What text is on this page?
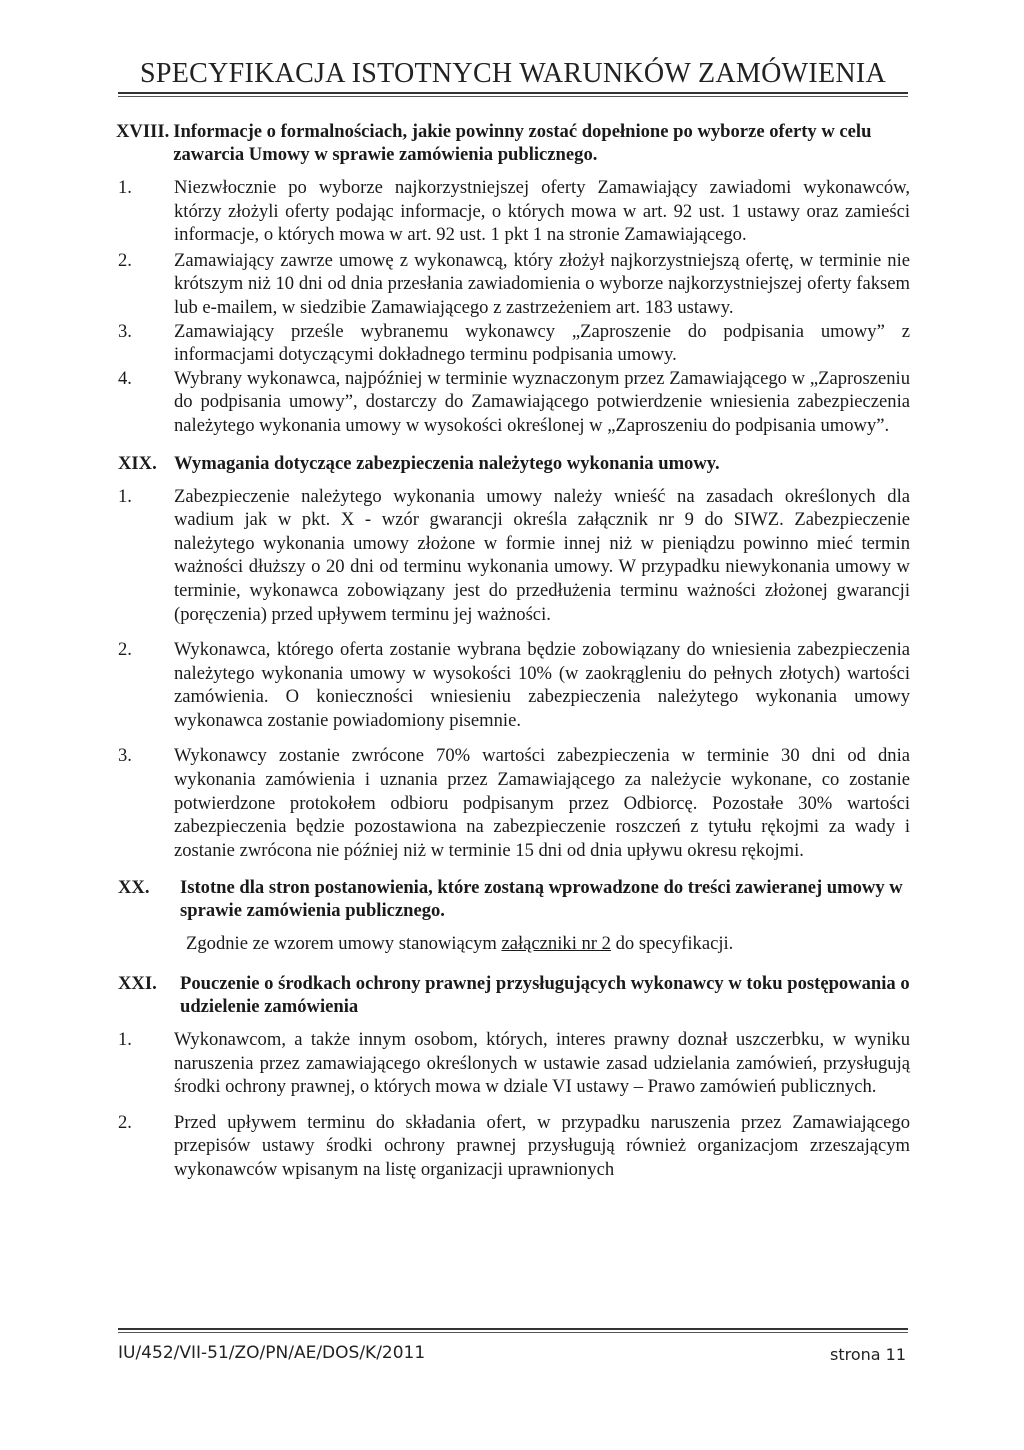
SPECYFIKACJA ISTOTNYCH WARUNKÓW ZAMÓWIENIA
XVIII. Informacje o formalnościach, jakie powinny zostać dopełnione po wyborze oferty w celu zawarcia Umowy w sprawie zamówienia publicznego.
1.	Niezwłocznie po wyborze najkorzystniejszej oferty Zamawiający zawiadomi wykonawców, którzy złożyli oferty podając informacje, o których mowa w art. 92 ust. 1 ustawy oraz zamieści informacje, o których mowa w art. 92 ust. 1 pkt 1 na stronie Zamawiającego.
2.	Zamawiający zawrze umowę z wykonawcą, który złożył najkorzystniejszą ofertę, w terminie nie krótszym niż 10 dni od dnia przesłania zawiadomienia o wyborze najkorzystniejszej oferty faksem lub e-mailem, w siedzibie Zamawiającego z zastrzeżeniem art. 183 ustawy.
3.	Zamawiający prześle wybranemu wykonawcy „Zaproszenie do podpisania umowy” z informacjami dotyczącymi dokładnego terminu podpisania umowy.
4.	Wybrany wykonawca, najpóźniej w terminie wyznaczonym przez Zamawiającego w „Zaproszeniu do podpisania umowy”, dostarczy do Zamawiającego potwierdzenie wniesienia zabezpieczenia należytego wykonania umowy w wysokości określonej w „Zaproszeniu do podpisania umowy”.
XIX. Wymagania dotyczące zabezpieczenia należytego wykonania umowy.
1.	Zabezpieczenie należytego wykonania umowy należy wnieść na zasadach określonych dla wadium jak w pkt. X - wzór gwarancji określa załącznik nr 9 do SIWZ. Zabezpieczenie należytego wykonania umowy złożone w formie innej niż w pieniądzu powinno mieć termin ważności dłuższy o 20 dni od terminu wykonania umowy. W przypadku niewykonania umowy w terminie, wykonawca zobowiązany jest do przedłużenia terminu ważności złożonej gwarancji (poręczenia) przed upływem terminu jej ważności.
2.	Wykonawca, którego oferta zostanie wybrana będzie zobowiązany do wniesienia zabezpieczenia należytego wykonania umowy w wysokości 10% (w zaokrągleniu do pełnych złotych) wartości zamówienia. O konieczności wniesieniu zabezpieczenia należytego wykonania umowy wykonawca zostanie powiadomiony pisemnie.
3.	Wykonawcy zostanie zwrócone 70% wartości zabezpieczenia w terminie 30 dni od dnia wykonania zamówienia i uznania przez Zamawiającego za należycie wykonane, co zostanie potwierdzone protokołem odbioru podpisanym przez Odbiorcę. Pozostałe 30% wartości zabezpieczenia będzie pozostawiona na zabezpieczenie roszczeń z tytułu rękojmi za wady i zostanie zwrócona nie później niż w terminie 15 dni od dnia upływu okresu rękojmi.
XX.	Istotne dla stron postanowienia, które zostaną wprowadzone do treści zawieranej umowy w sprawie zamówienia publicznego.
Zgodnie ze wzorem umowy stanowiącym załączniki nr 2 do specyfikacji.
XXI.	Pouczenie o środkach ochrony prawnej przysługujących wykonawcy w toku postępowania o udzielenie zamówienia
1.	Wykonawcom, a także innym osobom, których, interes prawny doznał uszczerbku, w wyniku naruszenia przez zamawiającego określonych w ustawie zasad udzielania zamówień, przysługują środki ochrony prawnej, o których mowa w dziale VI ustawy – Prawo zamówień publicznych.
2.	Przed upływem terminu do składania ofert, w przypadku naruszenia przez Zamawiającego przepisów ustawy środki ochrony prawnej przysługują również organizacjom zrzeszającym wykonawców wpisanym na listę organizacji uprawnionych
IU/452/VII-51/ZO/PN/AE/DOS/K/2011	strona 11
